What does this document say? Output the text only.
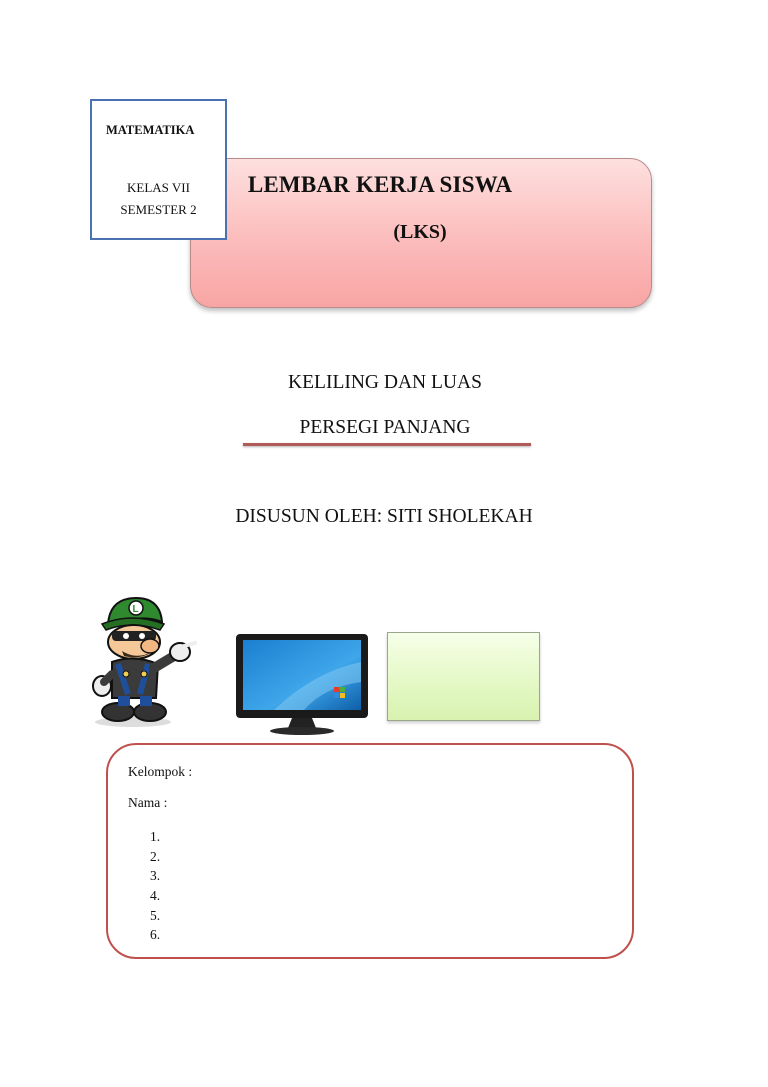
LEMBAR KERJA SISWA
(LKS)
MATEMATIKA
KELAS VII
SEMESTER 2
KELILING DAN LUAS
PERSEGI PANJANG
DISUSUN OLEH: SITI SHOLEKAH
L
Kelompok :
Nama :
1.
2.
3.
4.
5.
6.
